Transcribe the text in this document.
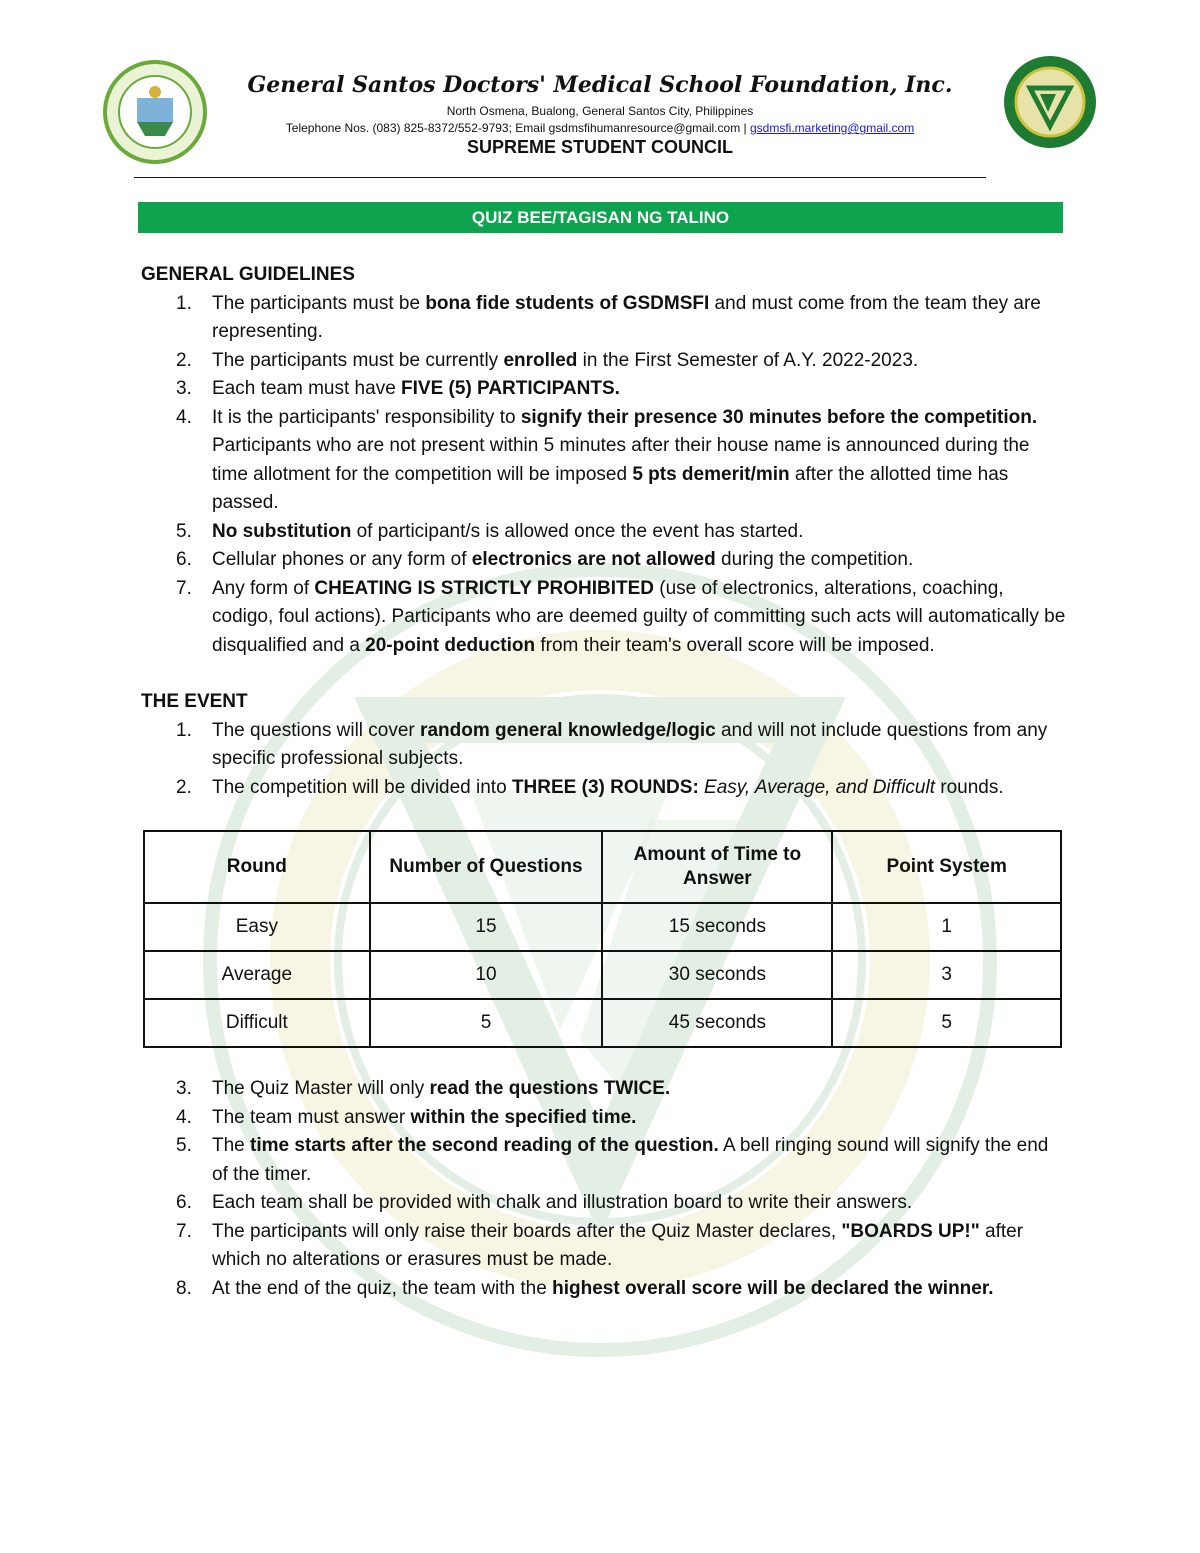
General Santos Doctors' Medical School Foundation, Inc.
North Osmena, Bualong, General Santos City, Philippines
Telephone Nos. (083) 825-8372/552-9793; Email gsdmsfihumanresource@gmail.com | gsdmsfi.marketing@gmail.com
SUPREME STUDENT COUNCIL
QUIZ BEE/TAGISAN NG TALINO
GENERAL GUIDELINES
1. The participants must be bona fide students of GSDMSFI and must come from the team they are representing.
2. The participants must be currently enrolled in the First Semester of A.Y. 2022-2023.
3. Each team must have FIVE (5) PARTICIPANTS.
4. It is the participants' responsibility to signify their presence 30 minutes before the competition. Participants who are not present within 5 minutes after their house name is announced during the time allotment for the competition will be imposed 5 pts demerit/min after the allotted time has passed.
5. No substitution of participant/s is allowed once the event has started.
6. Cellular phones or any form of electronics are not allowed during the competition.
7. Any form of CHEATING IS STRICTLY PROHIBITED (use of electronics, alterations, coaching, codigo, foul actions). Participants who are deemed guilty of committing such acts will automatically be disqualified and a 20-point deduction from their team's overall score will be imposed.
THE EVENT
1. The questions will cover random general knowledge/logic and will not include questions from any specific professional subjects.
2. The competition will be divided into THREE (3) ROUNDS: Easy, Average, and Difficult rounds.
Round	Number of Questions	Amount of Time to Answer	Point System
Easy	15	15 seconds	1
Average	10	30 seconds	3
Difficult	5	45 seconds	5
3. The Quiz Master will only read the questions TWICE.
4. The team must answer within the specified time.
5. The time starts after the second reading of the question. A bell ringing sound will signify the end of the timer.
6. Each team shall be provided with chalk and illustration board to write their answers.
7. The participants will only raise their boards after the Quiz Master declares, "BOARDS UP!" after which no alterations or erasures must be made.
8. At the end of the quiz, the team with the highest overall score will be declared the winner.
